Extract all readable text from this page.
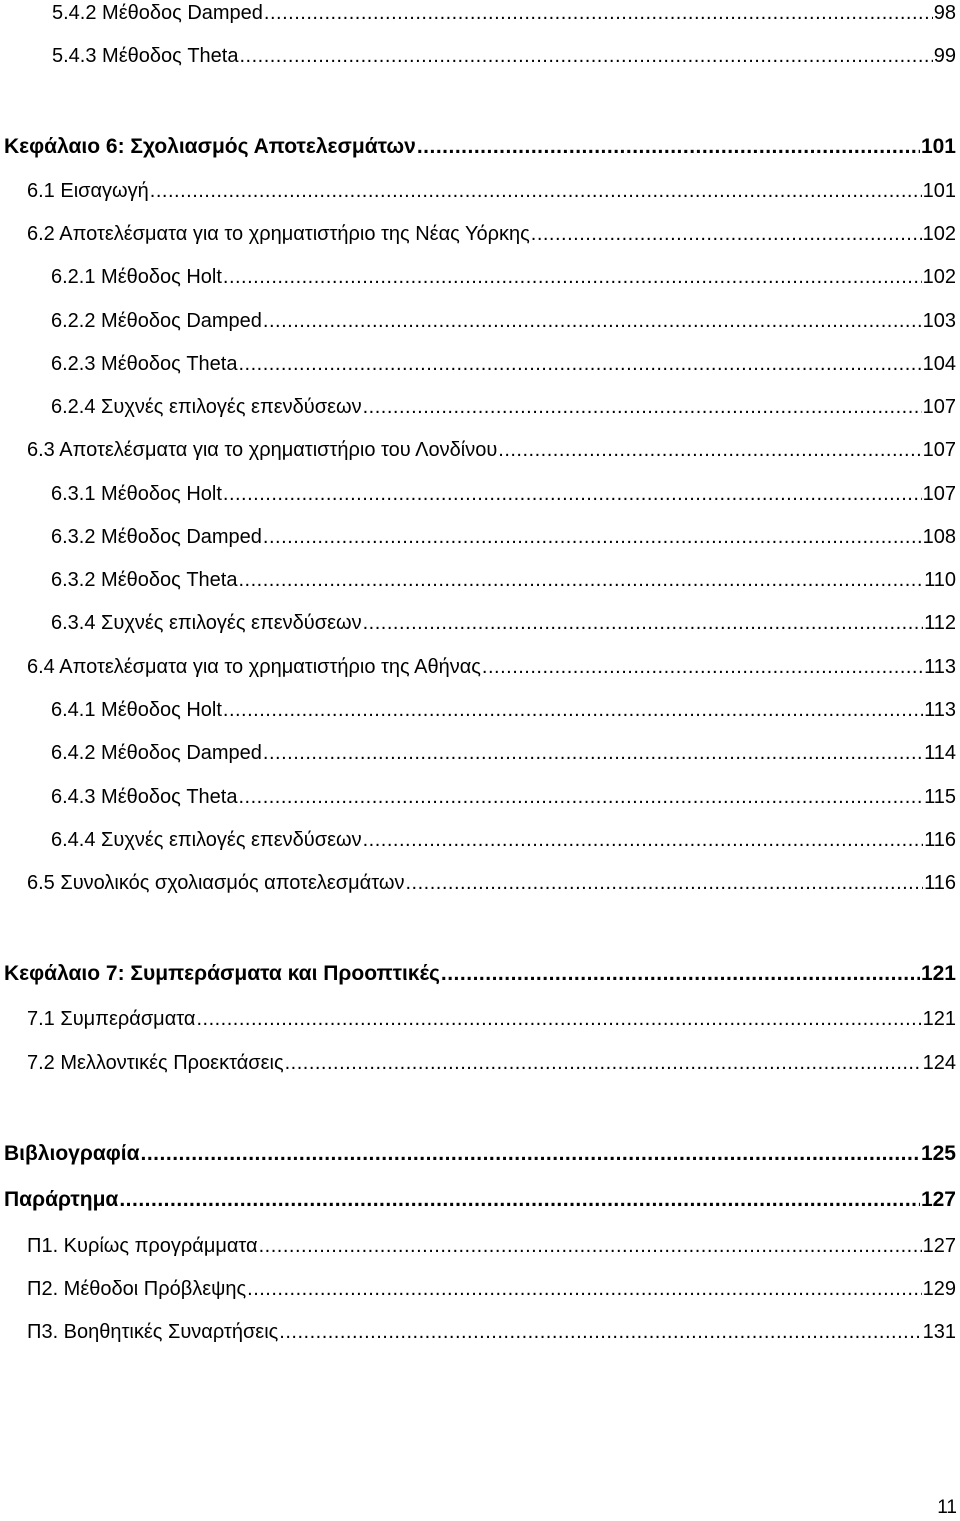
5.4.2 Μέθοδος Damped .....	98
5.4.3 Μέθοδος Theta .....	99
Κεφάλαιο 6: Σχολιασμός Αποτελεσμάτων .....	101
6.1 Εισαγωγή .....	101
6.2 Αποτελέσματα για το χρηματιστήριο της Νέας Υόρκης .....	102
6.2.1 Μέθοδος Holt .....	102
6.2.2 Μέθοδος Damped .....	103
6.2.3 Μέθοδος Theta .....	104
6.2.4 Συχνές επιλογές επενδύσεων .....	107
6.3 Αποτελέσματα για το χρηματιστήριο του Λονδίνου .....	107
6.3.1 Μέθοδος Holt .....	107
6.3.2 Μέθοδος Damped .....	108
6.3.2 Μέθοδος Theta .....	110
6.3.4 Συχνές επιλογές επενδύσεων .....	112
6.4 Αποτελέσματα για το χρηματιστήριο της Αθήνας .....	113
6.4.1 Μέθοδος Holt .....	113
6.4.2 Μέθοδος Damped .....	114
6.4.3 Μέθοδος Theta .....	115
6.4.4 Συχνές επιλογές επενδύσεων .....	116
6.5 Συνολικός σχολιασμός αποτελεσμάτων .....	116
Κεφάλαιο 7: Συμπεράσματα και Προοπτικές .....	121
7.1 Συμπεράσματα .....	121
7.2 Μελλοντικές Προεκτάσεις .....	124
Βιβλιογραφία .....	125
Παράρτημα .....	127
Π1. Κυρίως προγράμματα .....	127
Π2. Μέθοδοι Πρόβλεψης .....	129
Π3. Βοηθητικές Συναρτήσεις .....	131
11
